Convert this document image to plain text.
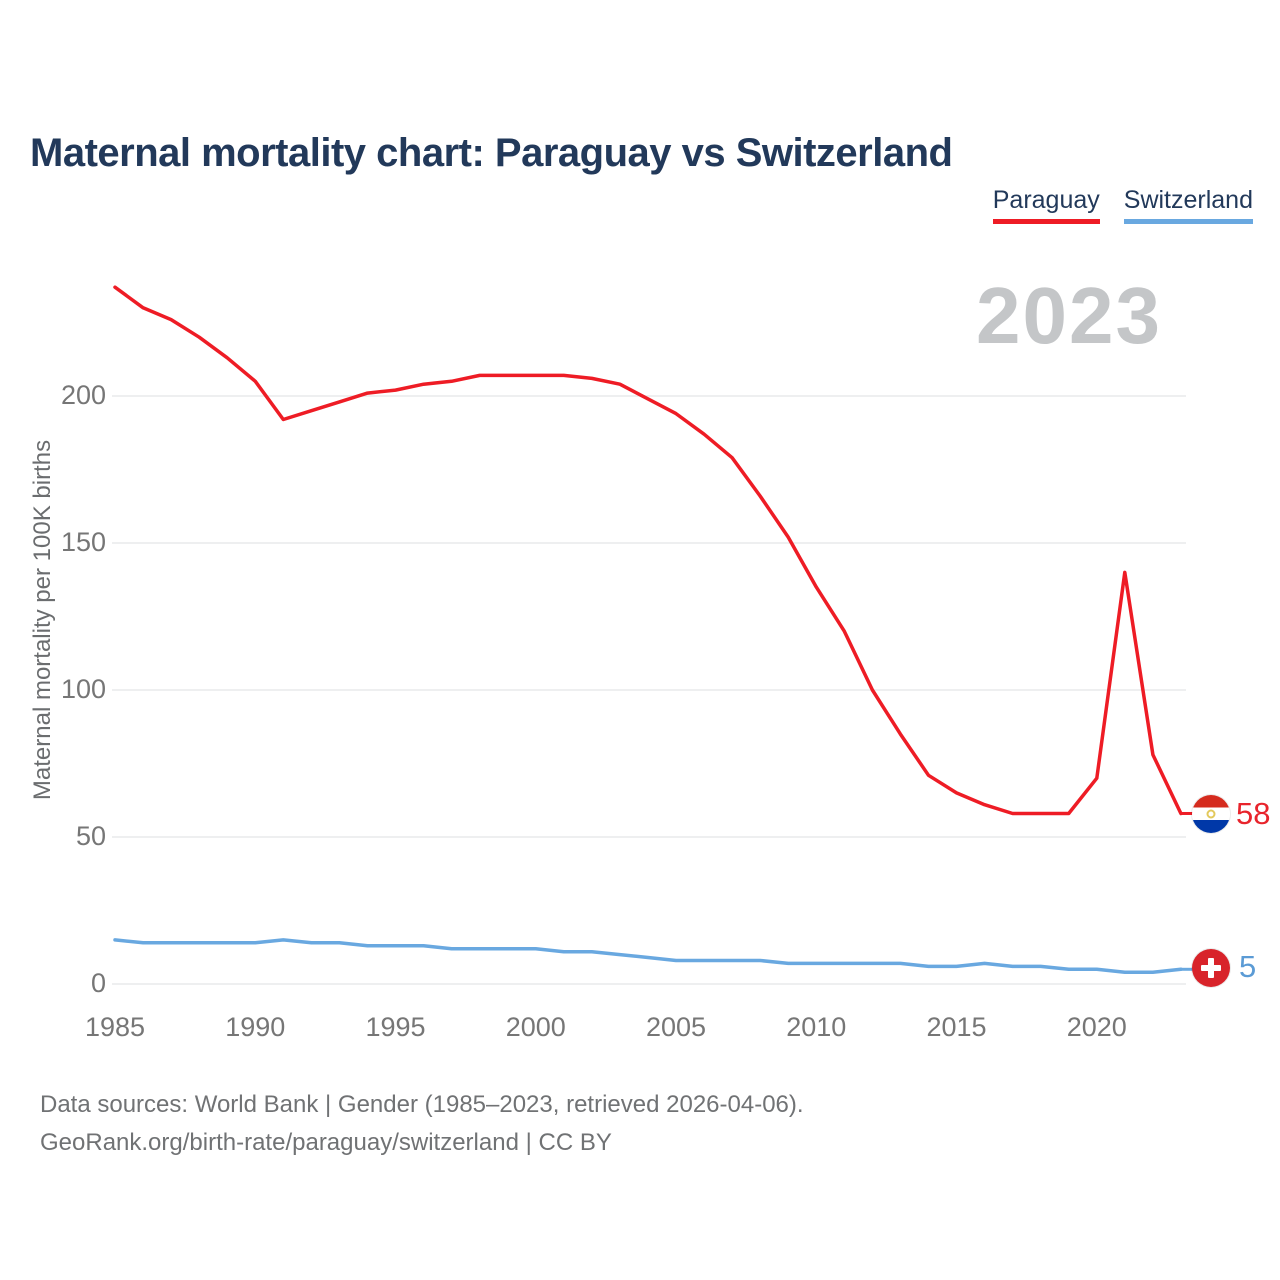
Maternal mortality chart: Paraguay vs Switzerland
Paraguay Switzerland
2023
Maternal mortality per 100K births
0
50
100
150
200
1985	1990	1995	2000	2005	2010	2015	2020
58
5
Data sources: World Bank | Gender (1985–2023, retrieved 2026-04-06).
GeoRank.org/birth-rate/paraguay/switzerland | CC BY
